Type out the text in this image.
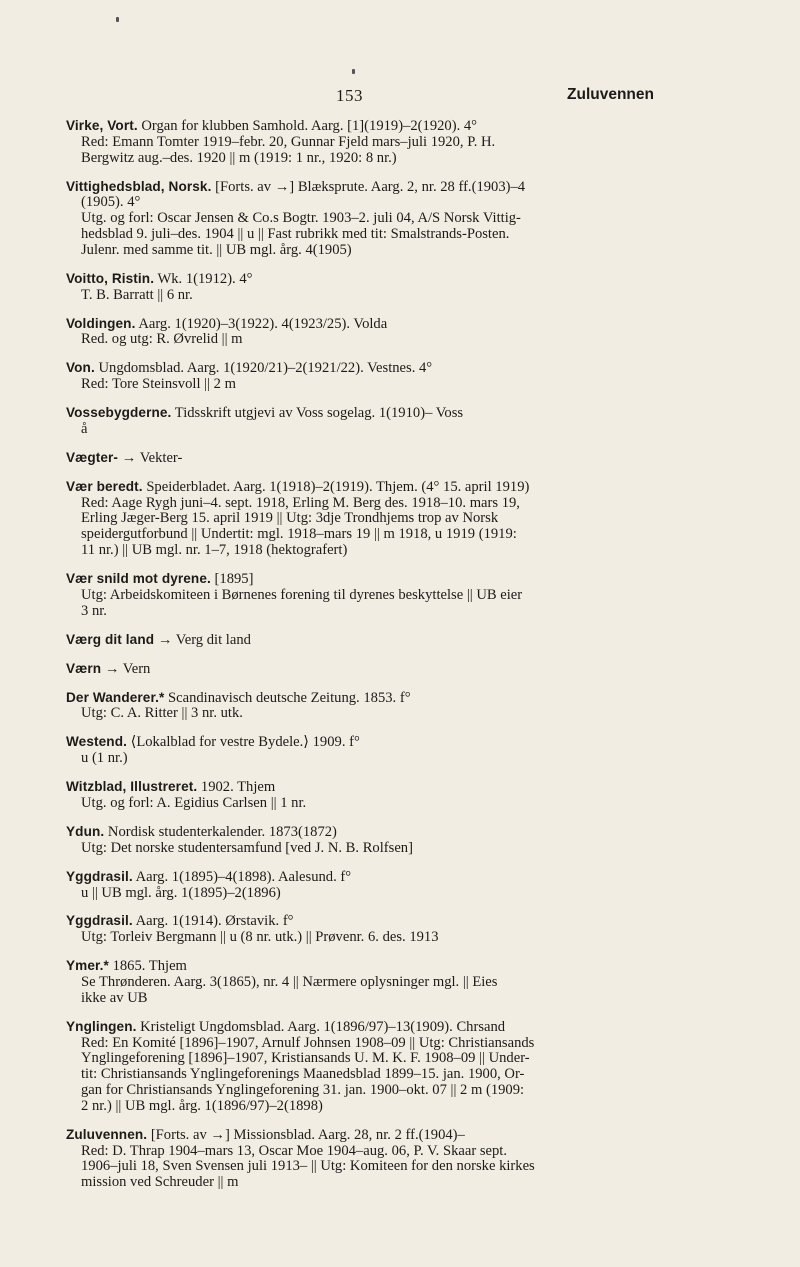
153	Zuluvennen
Virke, Vort. Organ for klubben Samhold. Aarg. [1](1919)–2(1920). 4°
Red: Emann Tomter 1919–febr. 20, Gunnar Fjeld mars–juli 1920, P. H.
Bergwitz aug.–des. 1920 || m (1919: 1 nr., 1920: 8 nr.)
Vittighedsblad, Norsk. [Forts. av →] Blæksprute. Aarg. 2, nr. 28 ff.(1903)–4
(1905). 4°
Utg. og forl: Oscar Jensen & Co.s Bogtr. 1903–2. juli 04, A/S Norsk Vittig-
hedsblad 9. juli–des. 1904 || u || Fast rubrikk med tit: Smalstrands-Posten.
Julenr. med samme tit. || UB mgl. årg. 4(1905)
Voitto, Ristin. Wk. 1(1912). 4°
T. B. Barratt || 6 nr.
Voldingen. Aarg. 1(1920)–3(1922). 4(1923/25). Volda
Red. og utg: R. Øvrelid || m
Von. Ungdomsblad. Aarg. 1(1920/21)–2(1921/22). Vestnes. 4°
Red: Tore Steinsvoll || 2 m
Vossebygderne. Tidsskrift utgjevi av Voss sogelag. 1(1910)– Voss
å
Vægter- → Vekter-
Vær beredt. Speiderbladet. Aarg. 1(1918)–2(1919). Thjem. (4° 15. april 1919)
Red: Aage Rygh juni–4. sept. 1918, Erling M. Berg des. 1918–10. mars 19,
Erling Jæger-Berg 15. april 1919 || Utg: 3dje Trondhjems trop av Norsk
speidergutforbund || Undertit: mgl. 1918–mars 19 || m 1918, u 1919 (1919:
11 nr.) || UB mgl. nr. 1–7, 1918 (hektografert)
Vær snild mot dyrene. [1895]
Utg: Arbeidskomiteen i Børnenes forening til dyrenes beskyttelse || UB eier
3 nr.
Værg dit land → Verg dit land
Værn → Vern
Der Wanderer.* Scandinavisch deutsche Zeitung. 1853. f°
Utg: C. A. Ritter || 3 nr. utk.
Westend. ⟨Lokalblad for vestre Bydele.⟩ 1909. f°
u (1 nr.)
Witzblad, Illustreret. 1902. Thjem
Utg. og forl: A. Egidius Carlsen || 1 nr.
Ydun. Nordisk studenterkalender. 1873(1872)
Utg: Det norske studentersamfund [ved J. N. B. Rolfsen]
Yggdrasil. Aarg. 1(1895)–4(1898). Aalesund. f°
u || UB mgl. årg. 1(1895)–2(1896)
Yggdrasil. Aarg. 1(1914). Ørstavik. f°
Utg: Torleiv Bergmann || u (8 nr. utk.) || Prøvenr. 6. des. 1913
Ymer.* 1865. Thjem
Se Thrønderen. Aarg. 3(1865), nr. 4 || Nærmere oplysninger mgl. || Eies
ikke av UB
Ynglingen. Kristeligt Ungdomsblad. Aarg. 1(1896/97)–13(1909). Chrsand
Red: En Komité [1896]–1907, Arnulf Johnsen 1908–09 || Utg: Christiansands
Ynglingeforening [1896]–1907, Kristiansands U. M. K. F. 1908–09 || Under-
tit: Christiansands Ynglingeforenings Maanedsblad 1899–15. jan. 1900, Or-
gan for Christiansands Ynglingeforening 31. jan. 1900–okt. 07 || 2 m (1909:
2 nr.) || UB mgl. årg. 1(1896/97)–2(1898)
Zuluvennen. [Forts. av →] Missionsblad. Aarg. 28, nr. 2 ff.(1904)–
Red: D. Thrap 1904–mars 13, Oscar Moe 1904–aug. 06, P. V. Skaar sept.
1906–juli 18, Sven Svensen juli 1913– || Utg: Komiteen for den norske kirkes
mission ved Schreuder || m
